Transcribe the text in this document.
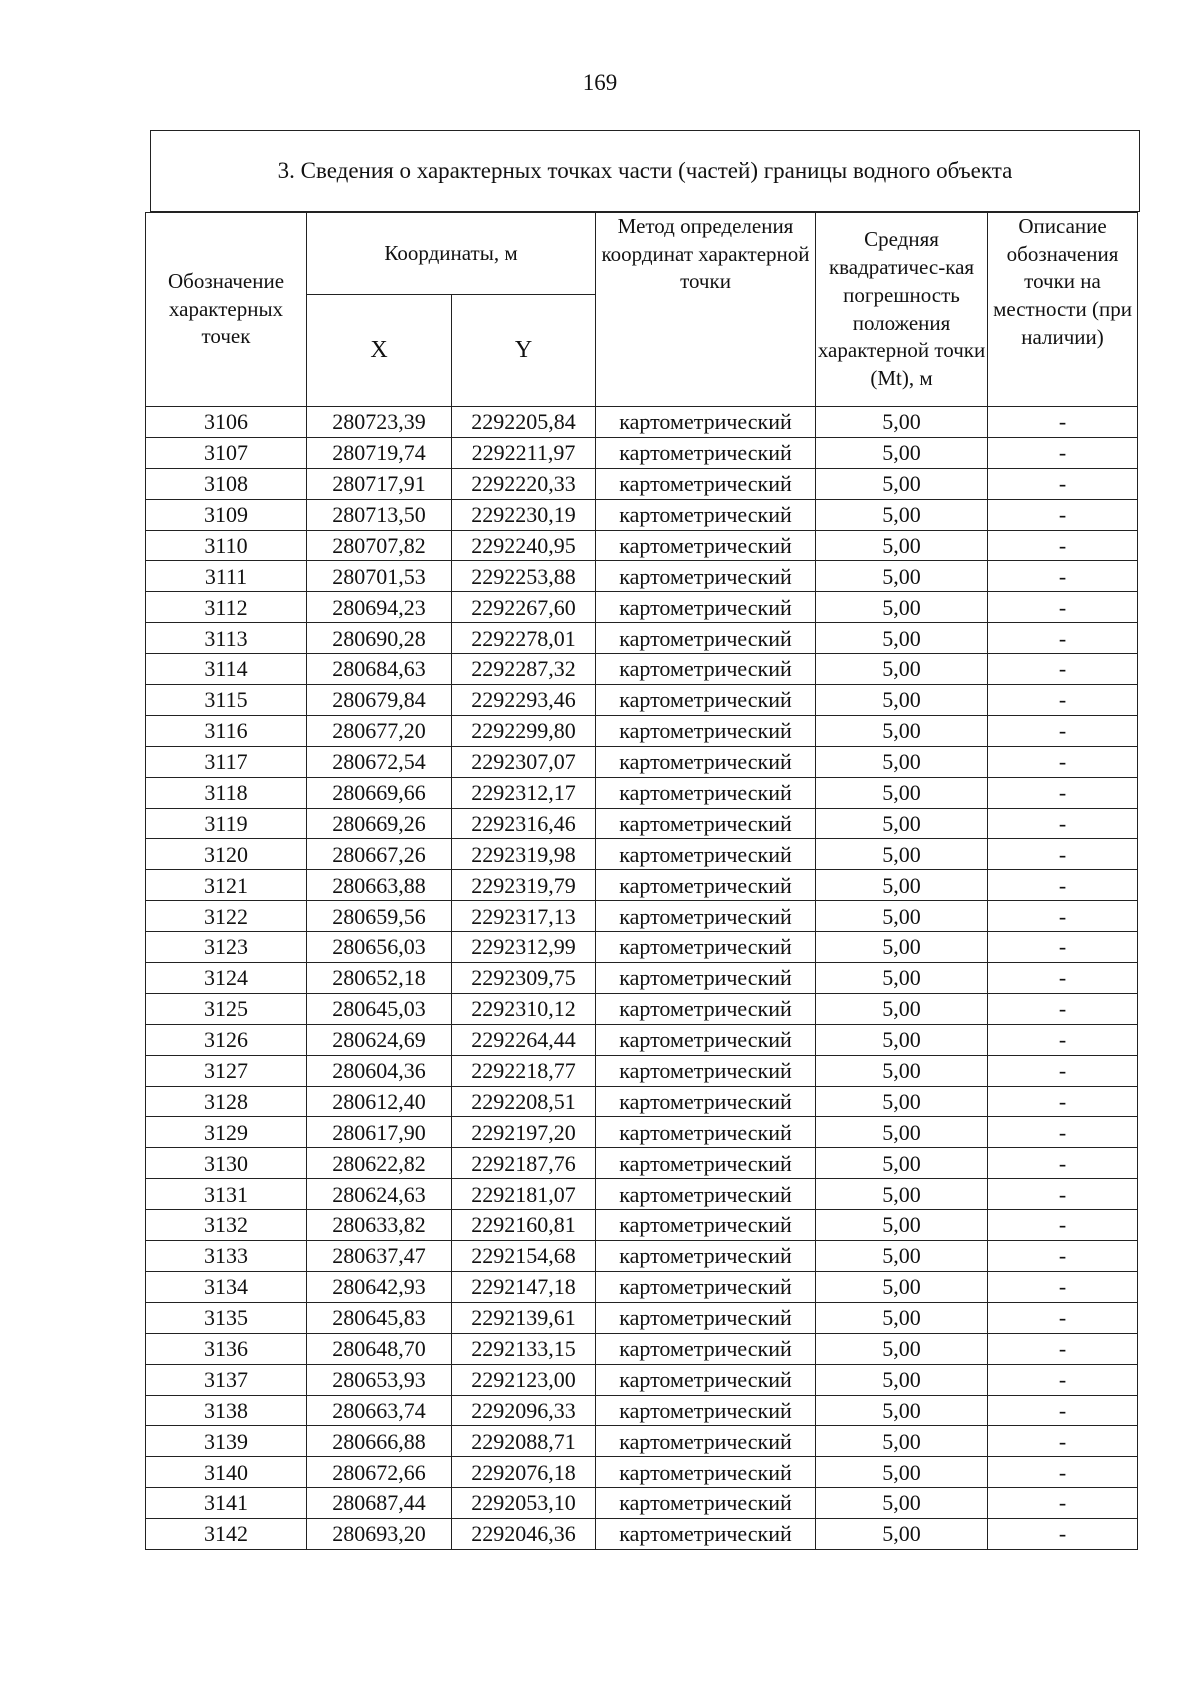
169
3. Сведения о характерных точках части (частей) границы водного объекта
Обозначение характерных точек	Координаты, м		Метод определения координат характерной точки	Средняя квадратичес-кая погрешность положения характерной точки (Mt), м	Описание обозначения точки на местности (при наличии)
	X	Y			
3106	280723,39	2292205,84	картометрический	5,00	-
3107	280719,74	2292211,97	картометрический	5,00	-
3108	280717,91	2292220,33	картометрический	5,00	-
3109	280713,50	2292230,19	картометрический	5,00	-
3110	280707,82	2292240,95	картометрический	5,00	-
3111	280701,53	2292253,88	картометрический	5,00	-
3112	280694,23	2292267,60	картометрический	5,00	-
3113	280690,28	2292278,01	картометрический	5,00	-
3114	280684,63	2292287,32	картометрический	5,00	-
3115	280679,84	2292293,46	картометрический	5,00	-
3116	280677,20	2292299,80	картометрический	5,00	-
3117	280672,54	2292307,07	картометрический	5,00	-
3118	280669,66	2292312,17	картометрический	5,00	-
3119	280669,26	2292316,46	картометрический	5,00	-
3120	280667,26	2292319,98	картометрический	5,00	-
3121	280663,88	2292319,79	картометрический	5,00	-
3122	280659,56	2292317,13	картометрический	5,00	-
3123	280656,03	2292312,99	картометрический	5,00	-
3124	280652,18	2292309,75	картометрический	5,00	-
3125	280645,03	2292310,12	картометрический	5,00	-
3126	280624,69	2292264,44	картометрический	5,00	-
3127	280604,36	2292218,77	картометрический	5,00	-
3128	280612,40	2292208,51	картометрический	5,00	-
3129	280617,90	2292197,20	картометрический	5,00	-
3130	280622,82	2292187,76	картометрический	5,00	-
3131	280624,63	2292181,07	картометрический	5,00	-
3132	280633,82	2292160,81	картометрический	5,00	-
3133	280637,47	2292154,68	картометрический	5,00	-
3134	280642,93	2292147,18	картометрический	5,00	-
3135	280645,83	2292139,61	картометрический	5,00	-
3136	280648,70	2292133,15	картометрический	5,00	-
3137	280653,93	2292123,00	картометрический	5,00	-
3138	280663,74	2292096,33	картометрический	5,00	-
3139	280666,88	2292088,71	картометрический	5,00	-
3140	280672,66	2292076,18	картометрический	5,00	-
3141	280687,44	2292053,10	картометрический	5,00	-
3142	280693,20	2292046,36	картометрический	5,00	-
